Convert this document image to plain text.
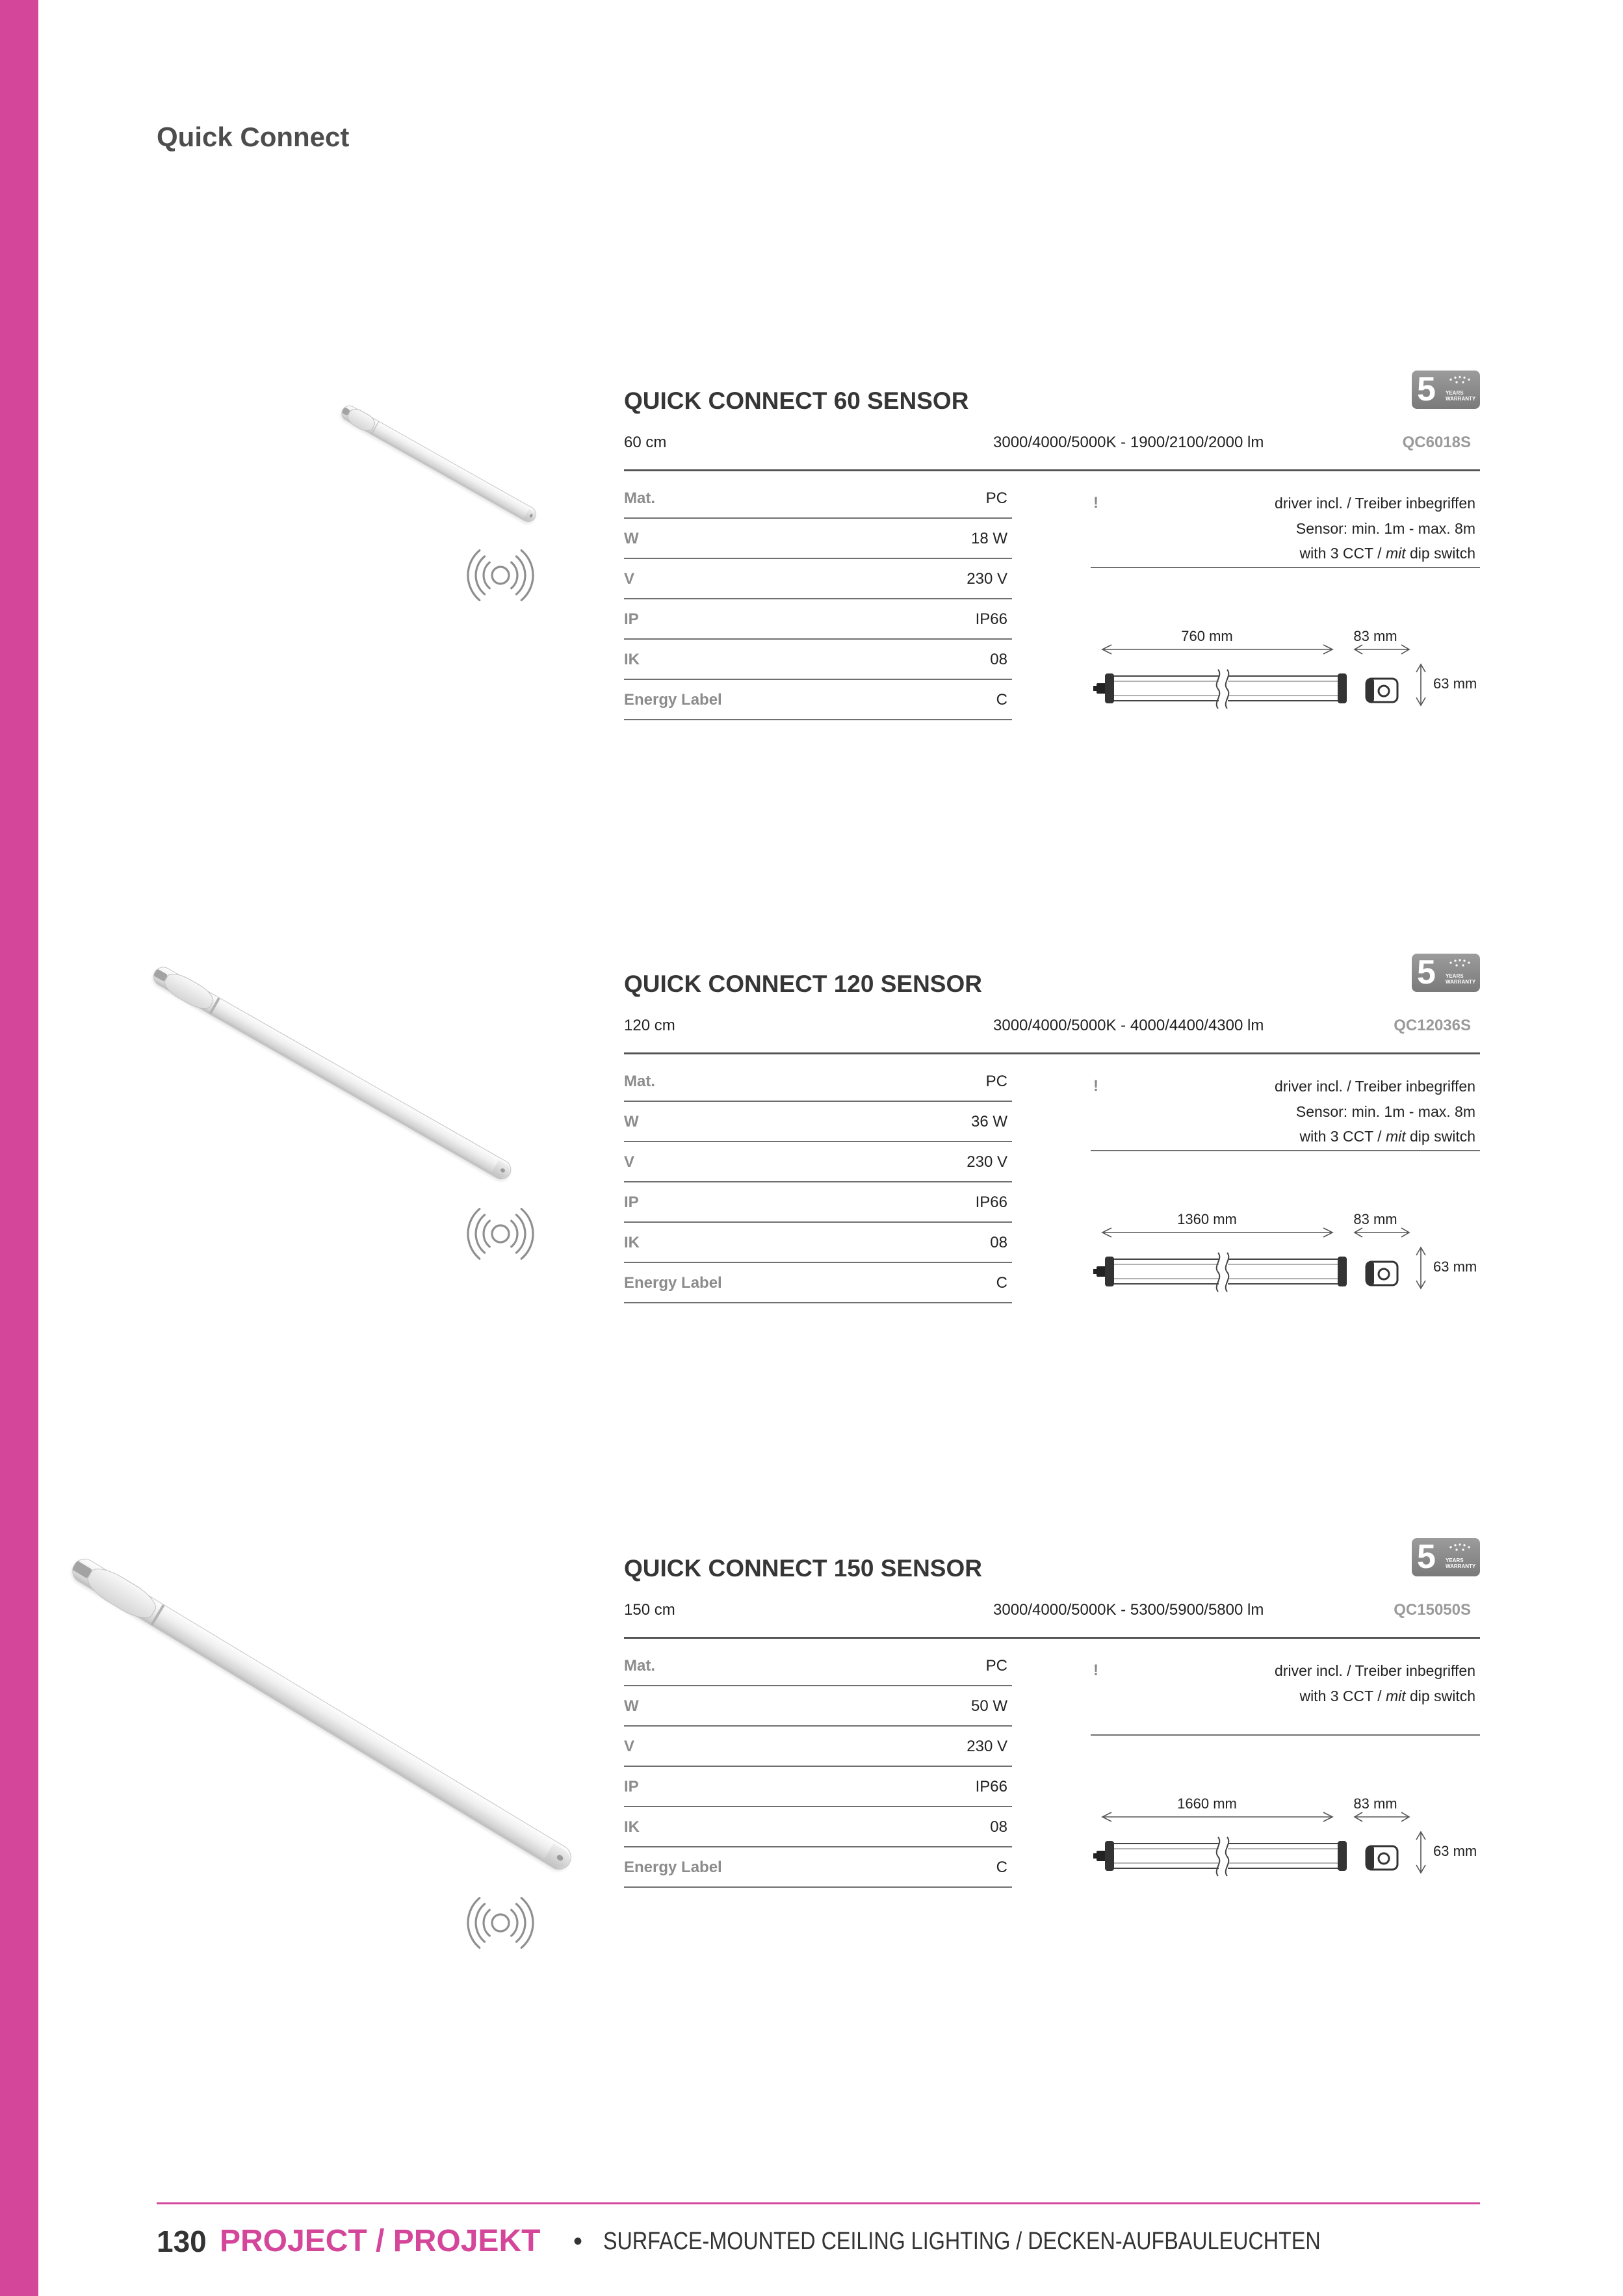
Quick Connect
QUICK CONNECT 60 SENSOR	5 YEARS
WARRANTY
60 cm	3000/4000/5000K - 1900/2100/2000 lm	QC6018S
Mat.	PC
W	18 W
V	230 V
IP	IP66
IK	08
Energy Label	C
!	driver incl. / Treiber inbegriffen
Sensor: min. 1m - max. 8m
with 3 CCT / mit dip switch
760 mm	83 mm
63 mm
QUICK CONNECT 120 SENSOR	5 YEARS
WARRANTY
120 cm	3000/4000/5000K - 4000/4400/4300 lm	QC12036S
Mat.	PC
W	36 W
V	230 V
IP	IP66
IK	08
Energy Label	C
!	driver incl. / Treiber inbegriffen
Sensor: min. 1m - max. 8m
with 3 CCT / mit dip switch
1360 mm	83 mm
63 mm
QUICK CONNECT 150 SENSOR	5 YEARS
WARRANTY
150 cm	3000/4000/5000K - 5300/5900/5800 lm	QC15050S
Mat.	PC
W	50 W
V	230 V
IP	IP66
IK	08
Energy Label	C
!	driver incl. / Treiber inbegriffen
with 3 CCT / mit dip switch
1660 mm	83 mm
63 mm
130 PROJECT / PROJEKT • SURFACE-MOUNTED CEILING LIGHTING / DECKEN-AUFBAULEUCHTEN
